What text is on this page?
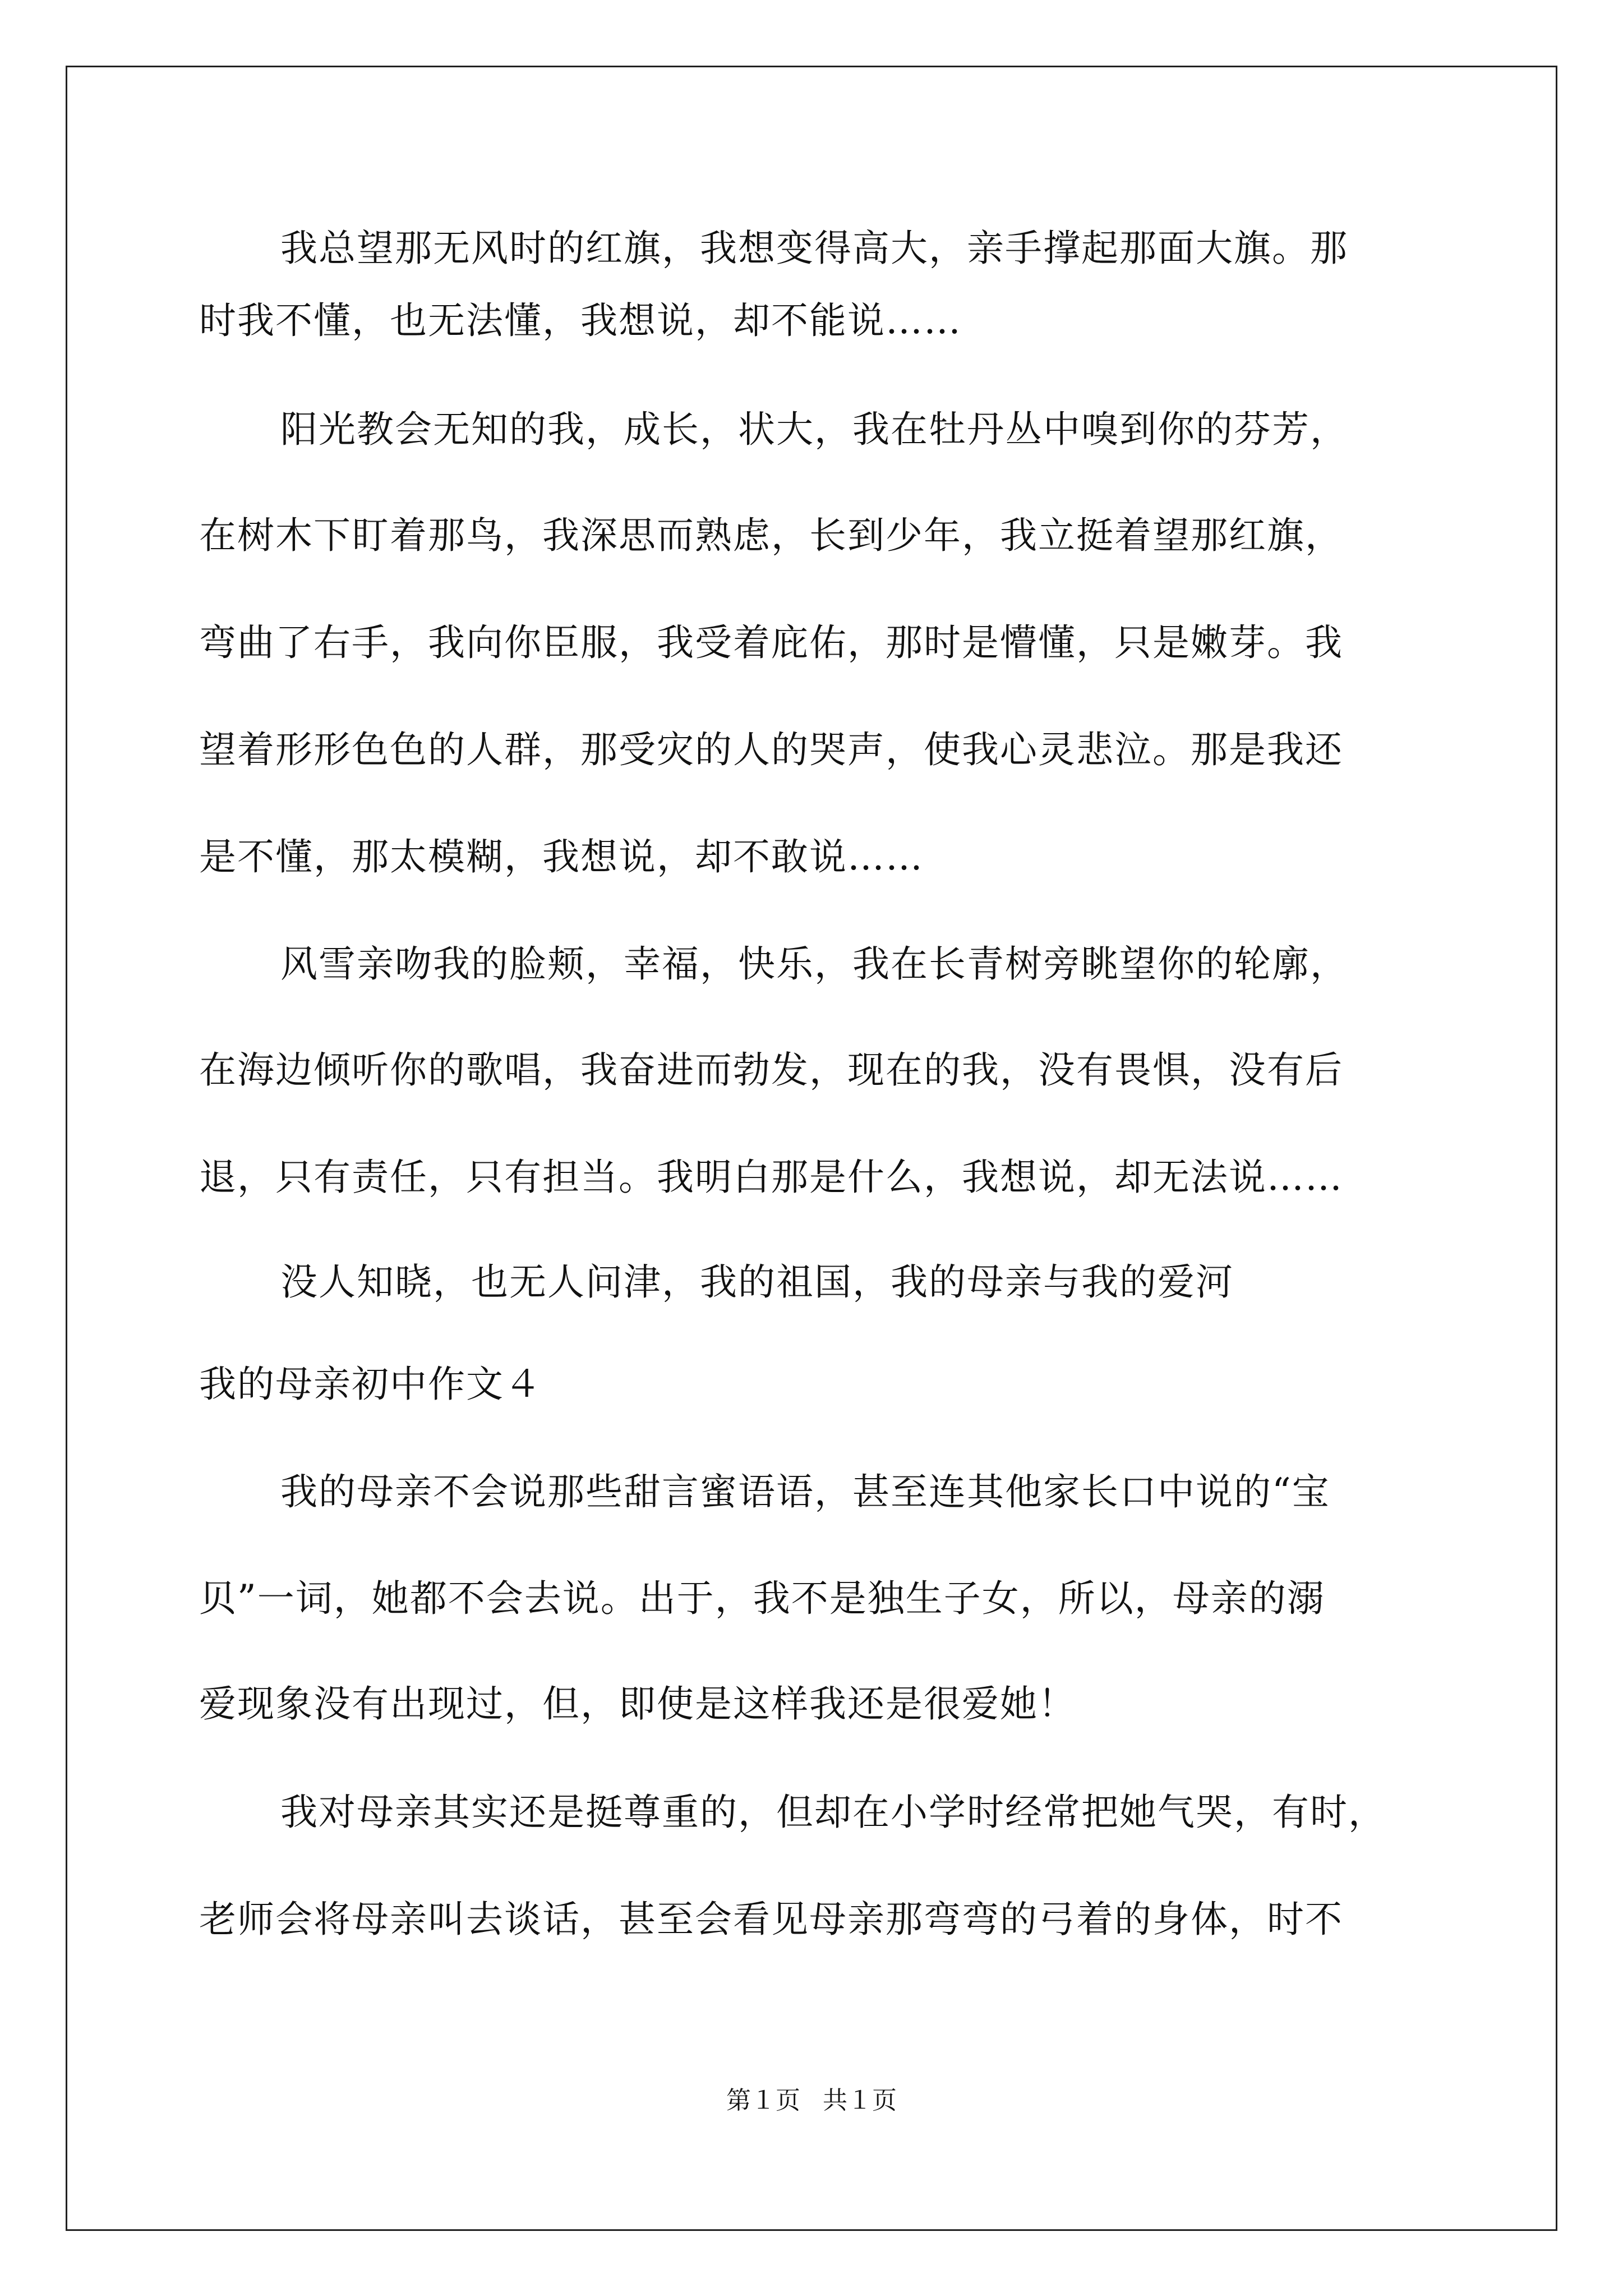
我总望那无风时的红旗，我想变得高大，亲手撑起那面大旗。那
时我不懂，也无法懂，我想说，却不能说……
阳光教会无知的我，成长，状大，我在牡丹丛中嗅到你的芬芳，
在树木下盯着那鸟，我深思而熟虑，长到少年，我立挺着望那红旗，
弯曲了右手，我向你臣服，我受着庇佑，那时是懵懂，只是嫩芽。我
望着形形色色的人群，那受灾的人的哭声，使我心灵悲泣。那是我还
是不懂，那太模糊，我想说，却不敢说……
风雪亲吻我的脸颊，幸福，快乐，我在长青树旁眺望你的轮廓，
在海边倾听你的歌唱，我奋进而勃发，现在的我，没有畏惧，没有后
退，只有责任，只有担当。我明白那是什么，我想说，却无法说……
没人知晓，也无人问津，我的祖国，我的母亲与我的爱河
我的母亲初中作文４
我的母亲不会说那些甜言蜜语语，甚至连其他家长口中说的“宝
贝”一词，她都不会去说。出于，我不是独生子女，所以，母亲的溺
爱现象没有出现过，但，即使是这样我还是很爱她！
我对母亲其实还是挺尊重的，但却在小学时经常把她气哭，有时，
老师会将母亲叫去谈话，甚至会看见母亲那弯弯的弓着的身体，时不
第１页 共１页
